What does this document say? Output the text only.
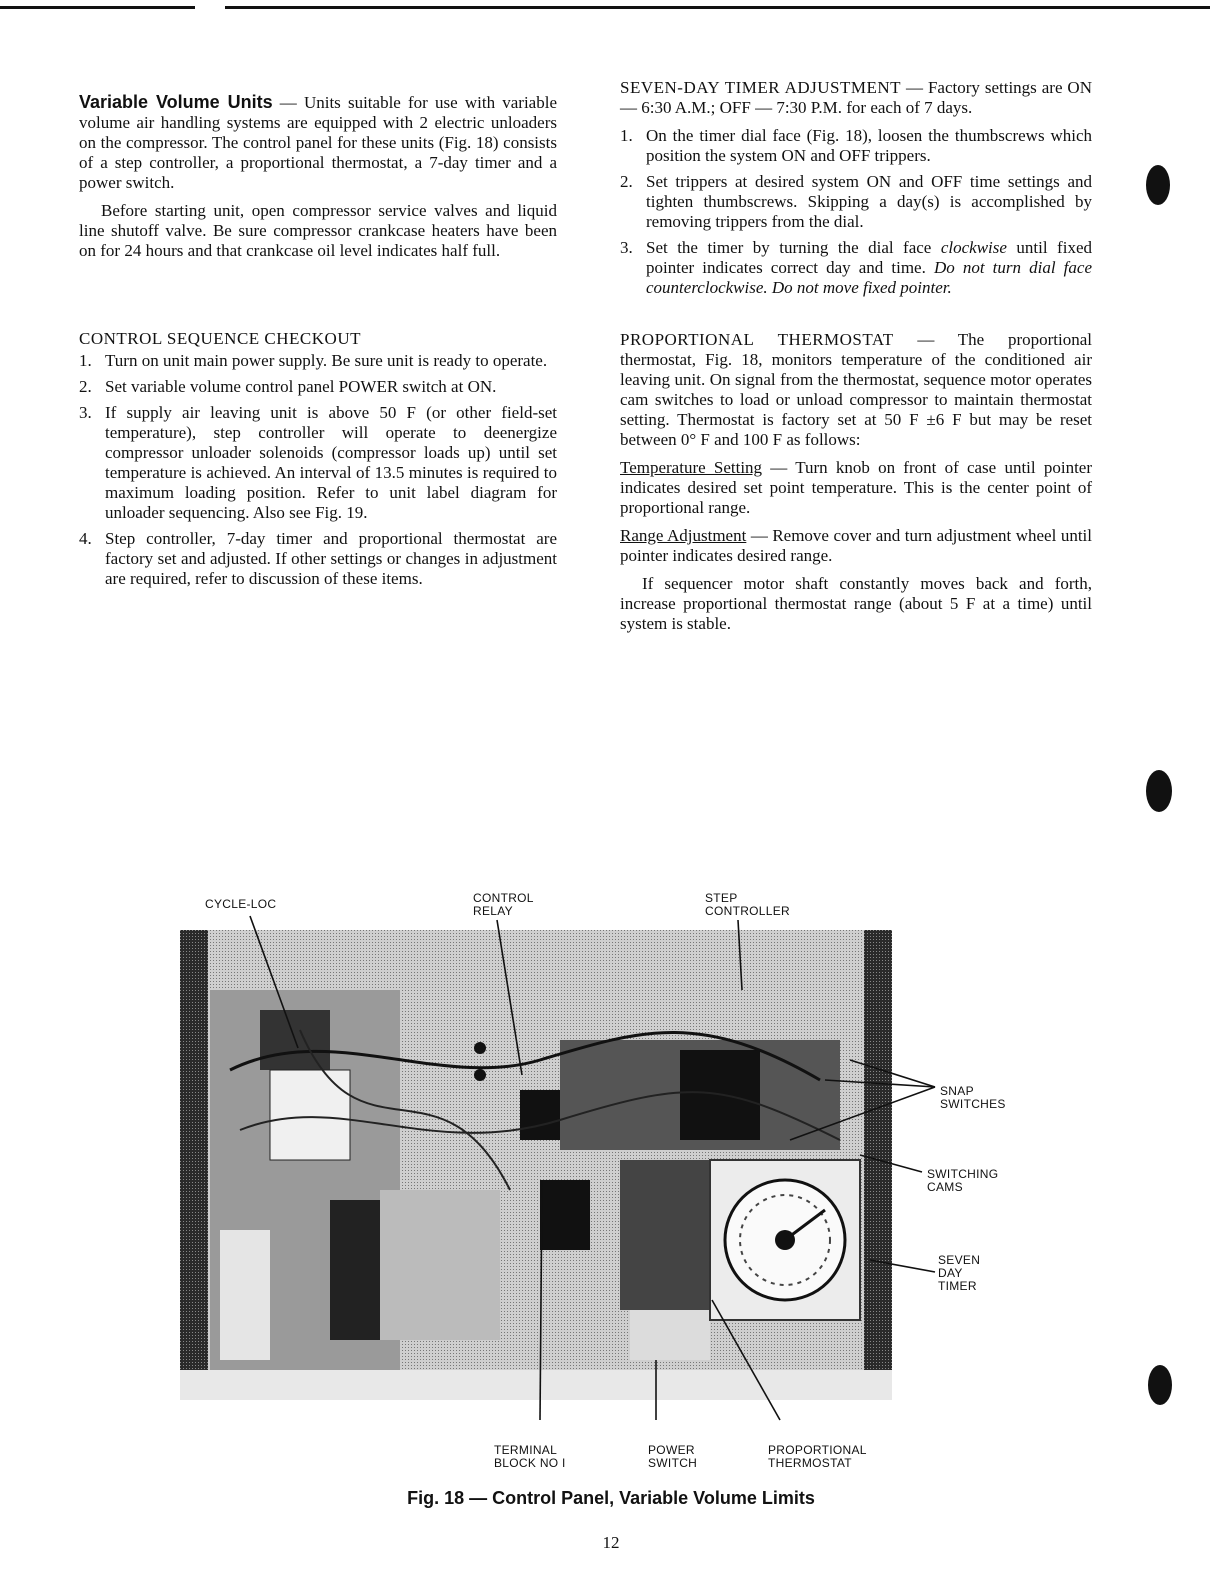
Variable Volume Units — Units suitable for use with variable volume air handling systems are equipped with 2 electric unloaders on the compressor. The control panel for these units (Fig. 18) consists of a step controller, a proportional thermostat, a 7-day timer and a power switch.

Before starting unit, open compressor service valves and liquid line shutoff valve. Be sure compressor crankcase heaters have been on for 24 hours and that crankcase oil level indicates half full.

CONTROL SEQUENCE CHECKOUT

1. Turn on unit main power supply. Be sure unit is ready to operate.
2. Set variable volume control panel POWER switch at ON.
3. If supply air leaving unit is above 50 F (or other field-set temperature), step controller will operate to deenergize compressor unloader solenoids (compressor loads up) until set temperature is achieved. An interval of 13.5 minutes is required to maximum loading position. Refer to unit label diagram for unloader sequencing. Also see Fig. 19.
4. Step controller, 7-day timer and proportional thermostat are factory set and adjusted. If other settings or changes in adjustment are required, refer to discussion of these items.

SEVEN-DAY TIMER ADJUSTMENT — Factory settings are ON — 6:30 A.M.; OFF — 7:30 P.M. for each of 7 days.

1. On the timer dial face (Fig. 18), loosen the thumbscrews which position the system ON and OFF trippers.
2. Set trippers at desired system ON and OFF time settings and tighten thumbscrews. Skipping a day(s) is accomplished by removing trippers from the dial.
3. Set the timer by turning the dial face clockwise until fixed pointer indicates correct day and time. Do not turn dial face counterclockwise. Do not move fixed pointer.

PROPORTIONAL THERMOSTAT — The proportional thermostat, Fig. 18, monitors temperature of the conditioned air leaving unit. On signal from the thermostat, sequence motor operates cam switches to load or unload compressor to maintain thermostat setting. Thermostat is factory set at 50 F ±6 F but may be reset between 0° F and 100 F as follows:

Temperature Setting — Turn knob on front of case until pointer indicates desired set point temperature. This is the center point of proportional range.

Range Adjustment — Remove cover and turn adjustment wheel until pointer indicates desired range.

If sequencer motor shaft constantly moves back and forth, increase proportional thermostat range (about 5 F at a time) until system is stable.

CYCLE-LOC	CONTROL
RELAY
STEP
CONTROLLER
SNAP
SWITCHES
SWITCHING
CAMS
SEVEN
DAY
TIMER
TERMINAL
BLOCK NO I
POWER
SWITCH
PROPORTIONAL
THERMOSTAT
Fig. 18 — Control Panel, Variable Volume Limits
12
